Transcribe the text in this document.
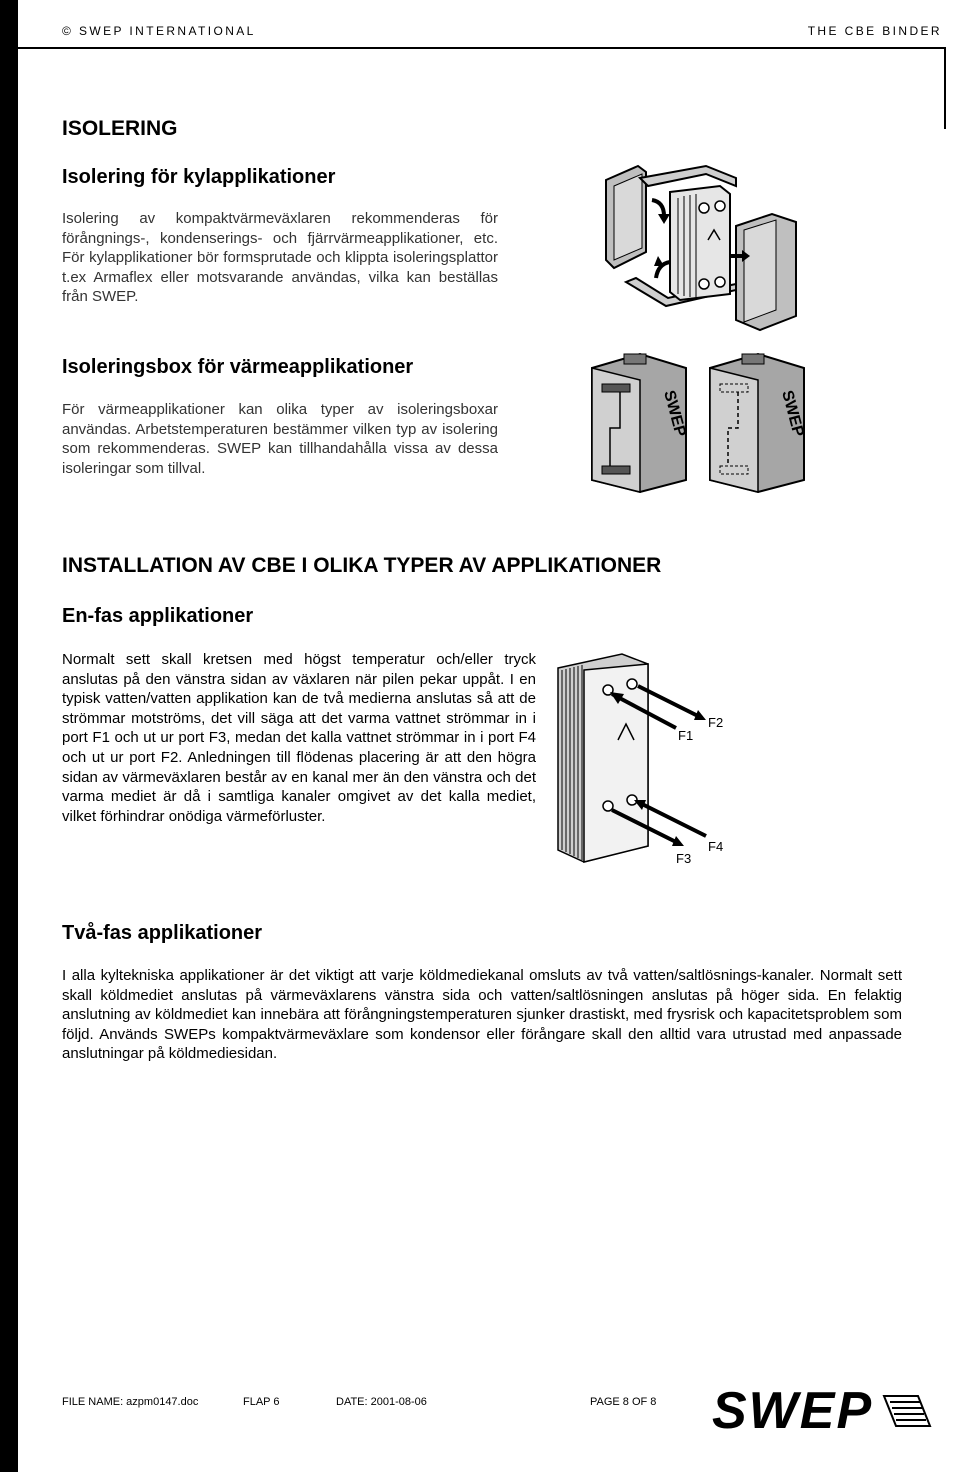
© SWEP INTERNATIONAL	THE CBE BINDER
ISOLERING
Isolering för kylapplikationer

Isolering av kompaktvärmeväxlaren rekommenderas för förångnings-, kondenserings- och fjärrvärmeapplikationer, etc. För kylapplikationer bör formsprutade och klippta isoleringsplattor t.ex Armaflex eller motsvarande användas, vilka kan beställas från SWEP.

Isoleringsbox för värmeapplikationer

För värmeapplikationer kan olika typer av isoleringsboxar användas. Arbetstemperaturen bestämmer vilken typ av isolering som rekommenderas. SWEP kan tillhandahålla vissa av dessa isoleringar som tillval.

SWEP	SWEP
INSTALLATION AV CBE I OLIKA TYPER AV APPLIKATIONER
En-fas applikationer

Normalt sett skall kretsen med högst temperatur och/eller tryck anslutas på den vänstra sidan av växlaren när pilen pekar uppåt. I en typisk vatten/vatten applikation kan de två medierna anslutas så att de strömmar motströms, det vill säga att det varma vattnet strömmar in i port F1 och ut ur port F3, medan det kalla vattnet strömmar in i port F4 och ut ur port F2. Anledningen till flödenas placering är att den högra sidan av värmeväxlaren består av en kanal mer än den vänstra och det varma mediet är då i samtliga kanaler omgivet av det kalla mediet, vilket förhindrar onödiga värmeförluster.

F1
F2
F3
F4
Två-fas applikationer

I alla kyltekniska applikationer är det viktigt att varje köldmediekanal omsluts av två vatten/saltlösnings-kanaler. Normalt sett skall köldmediet anslutas på värmeväxlarens vänstra sida och vatten/saltlösningen anslutas på höger sida. En felaktig anslutning av köldmediet kan innebära att förångningstemperaturen sjunker drastiskt, med frysrisk och kapacitetsproblem som följd. Används SWEPs kompaktvärmeväxlare som kondensor eller förångare skall den alltid vara utrustad med anpassade anslutningar på köldmediesidan.

FILE NAME: azpm0147.doc	FLAP 6	DATE: 2001-08-06	PAGE 8 OF 8 SWEP
